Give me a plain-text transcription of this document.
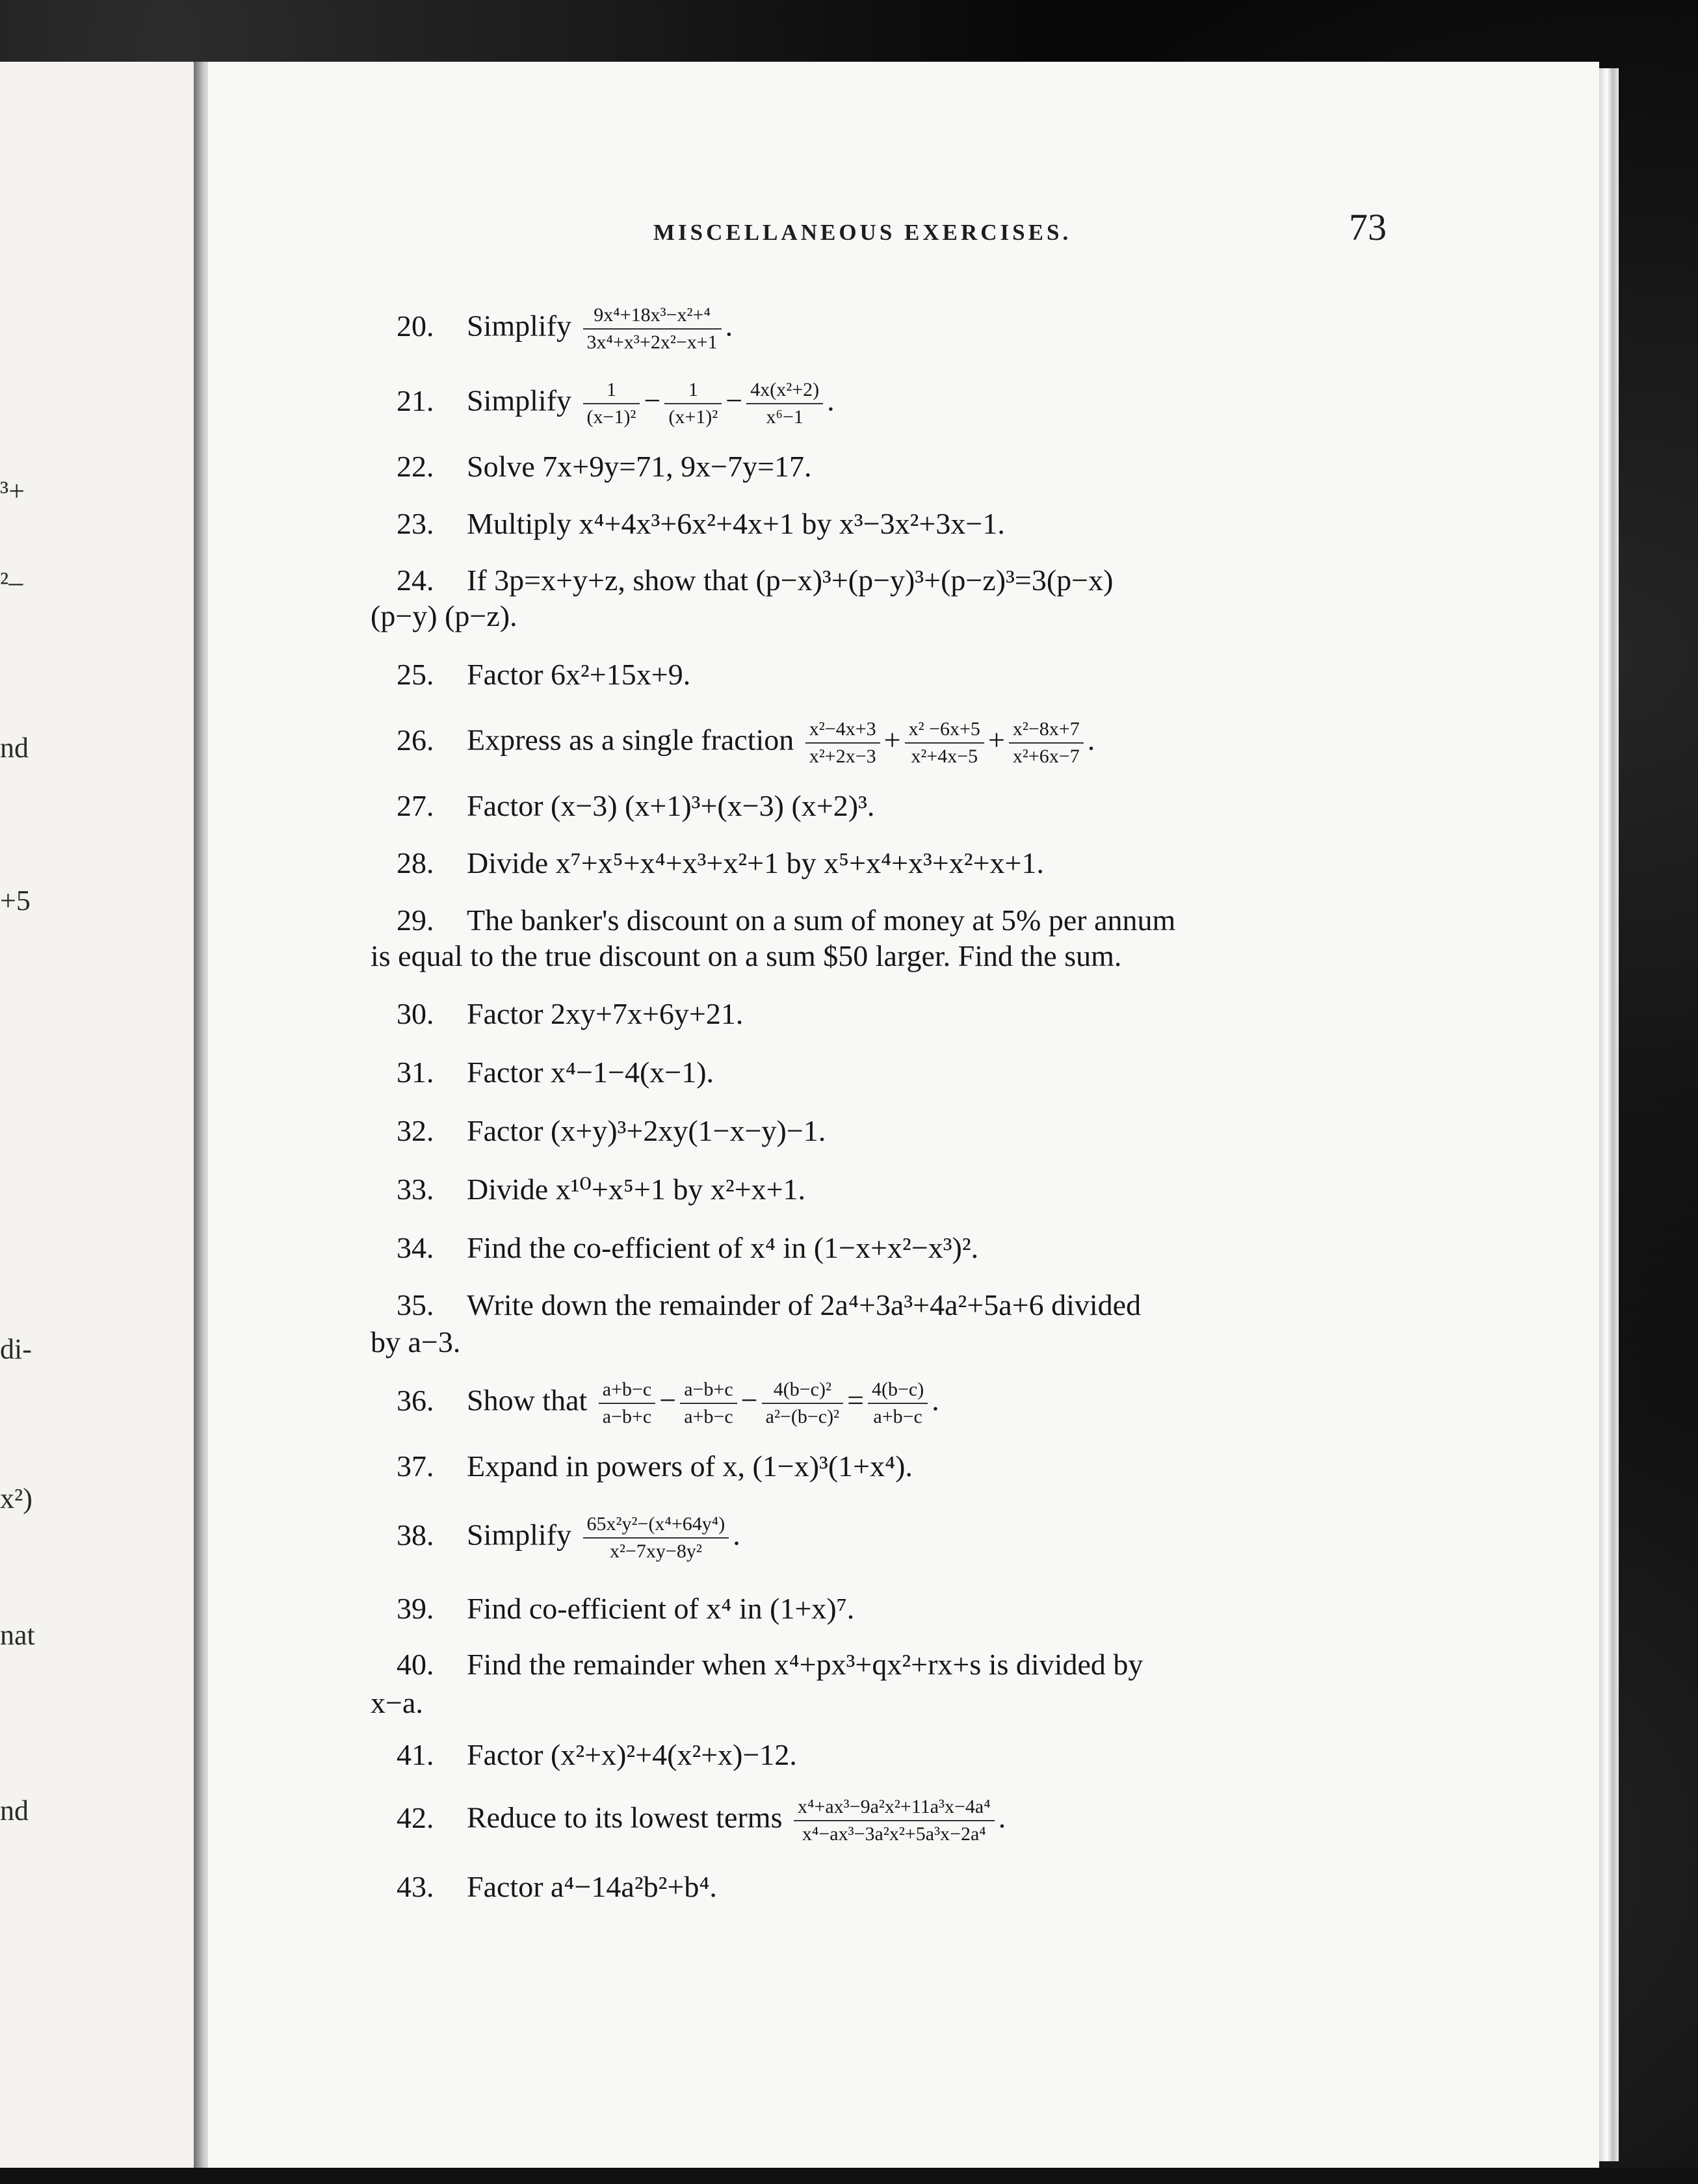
³+
²–
nd
+5
di-
x²)
nat
nd
MISCELLANEOUS EXERCISES.	73
20. Simplify $\frac{\text{9x⁴+18x³−x²+⁴}}{\text{3x⁴+x³+2x²−x+1}}$ .
21. Simplify $\frac{1}{\text{(x−1)²}} - \frac{1}{\text{(x+1)²}} - \frac{\text{4x(x²+2)}}{\text{x⁶−1}}$ .
22. Solve 7x+9y=71, 9x−7y=17.
23. Multiply x⁴+4x³+6x²+4x+1 by x³−3x²+3x−1.
24. If 3p=x+y+z, show that (p−x)³+(p−y)³+(p−z)³=3(p−x)
(p−y) (p−z).
25. Factor 6x²+15x+9.
26. Express as a single fraction $\frac{\text{x²−4x+3}}{\text{x²+2x−3}} + \frac{\text{x² −6x+5}}{\text{x²+4x−5}} + \frac{\text{x²−8x+7}}{\text{x²+6x−7}}$ .
27. Factor (x−3) (x+1)³+(x−3) (x+2)³.
28. Divide x⁷+x⁵+x⁴+x³+x²+1 by x⁵+x⁴+x³+x²+x+1.
29. The banker's discount on a sum of money at 5% per annum
is equal to the true discount on a sum $50 larger. Find the sum.
30. Factor 2xy+7x+6y+21.
31. Factor x⁴−1−4(x−1).
32. Factor (x+y)³+2xy(1−x−y)−1.
33. Divide x¹⁰+x⁵+1 by x²+x+1.
34. Find the co-efficient of x⁴ in (1−x+x²−x³)².
35. Write down the remainder of 2a⁴+3a³+4a²+5a+6 divided
by a−3.
36. Show that $\frac{a+b-c}{a-b+c} - \frac{a-b+c}{a+b-c} - \frac{\text{4(b−c)²}}{\text{a²−(b−c)²}} = \frac{4(b-c)}{a+b-c}$ .
37. Expand in powers of x, (1−x)³(1+x⁴).
38. Simplify $\frac{\text{65x²y²−(x⁴+64y⁴)}}{\text{x²−7xy−8y²}}$ .
39. Find co-efficient of x⁴ in (1+x)⁷.
40. Find the remainder when x⁴+px³+qx²+rx+s is divided by
x−a.
41. Factor (x²+x)²+4(x²+x)−12.
42. Reduce to its lowest terms $\frac{\text{x⁴+ax³−9a²x²+11a³x−4a⁴}}{\text{x⁴−ax³−3a²x²+5a³x−2a⁴}}$ .
43. Factor a⁴−14a²b²+b⁴.
